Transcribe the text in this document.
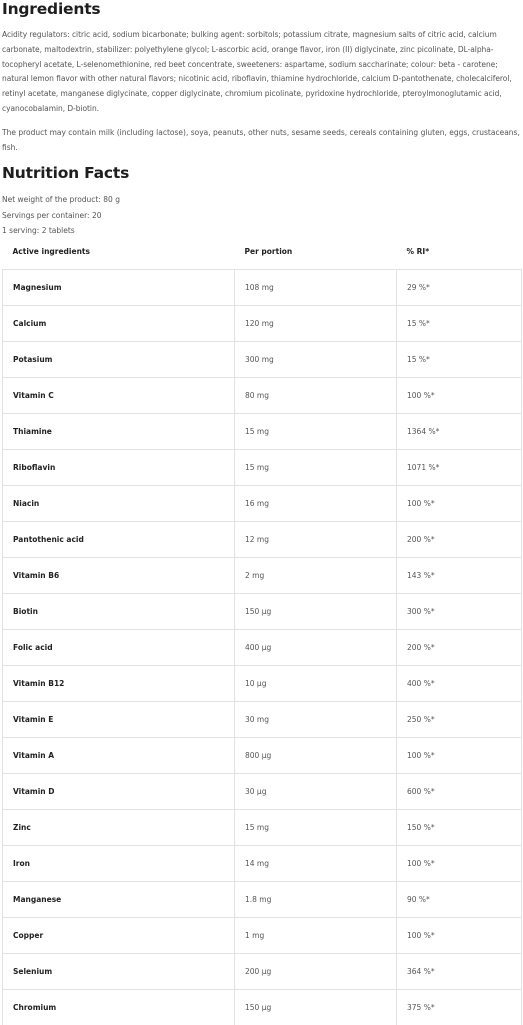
Ingredients

Acidity regulators: citric acid, sodium bicarbonate; bulking agent: sorbitols; potassium citrate, magnesium salts of citric acid, calcium carbonate, maltodextrin, stabilizer: polyethylene glycol; L-ascorbic acid, orange flavor, iron (II) diglycinate, zinc picolinate, DL-alpha-tocopheryl acetate, L-selenomethionine, red beet concentrate, sweeteners: aspartame, sodium saccharinate; colour: beta - carotene; natural lemon flavor with other natural flavors; nicotinic acid, riboflavin, thiamine hydrochloride, calcium D-pantothenate, cholecalciferol, retinyl acetate, manganese diglycinate, copper diglycinate, chromium picolinate, pyridoxine hydrochloride, pteroylmonoglutamic acid, cyanocobalamin, D-biotin.

The product may contain milk (including lactose), soya, peanuts, other nuts, sesame seeds, cereals containing gluten, eggs, crustaceans, fish.

Nutrition Facts
Net weight of the product: 80 g
Servings per container: 20
1 serving: 2 tablets
Active ingredients	Per portion	% RI*
Magnesium	108 mg	29 %*
Calcium	120 mg	15 %*
Potasium	300 mg	15 %*
Vitamin C	80 mg	100 %*
Thiamine	15 mg	1364 %*
Riboflavin	15 mg	1071 %*
Niacin	16 mg	100 %*
Pantothenic acid	12 mg	200 %*
Vitamin B6	2 mg	143 %*
Biotin	150 µg	300 %*
Folic acid	400 µg	200 %*
Vitamin B12	10 µg	400 %*
Vitamin E	30 mg	250 %*
Vitamin A	800 µg	100 %*
Vitamin D	30 µg	600 %*
Zinc	15 mg	150 %*
Iron	14 mg	100 %*
Manganese	1.8 mg	90 %*
Copper	1 mg	100 %*
Selenium	200 µg	364 %*
Chromium	150 µg	375 %*
